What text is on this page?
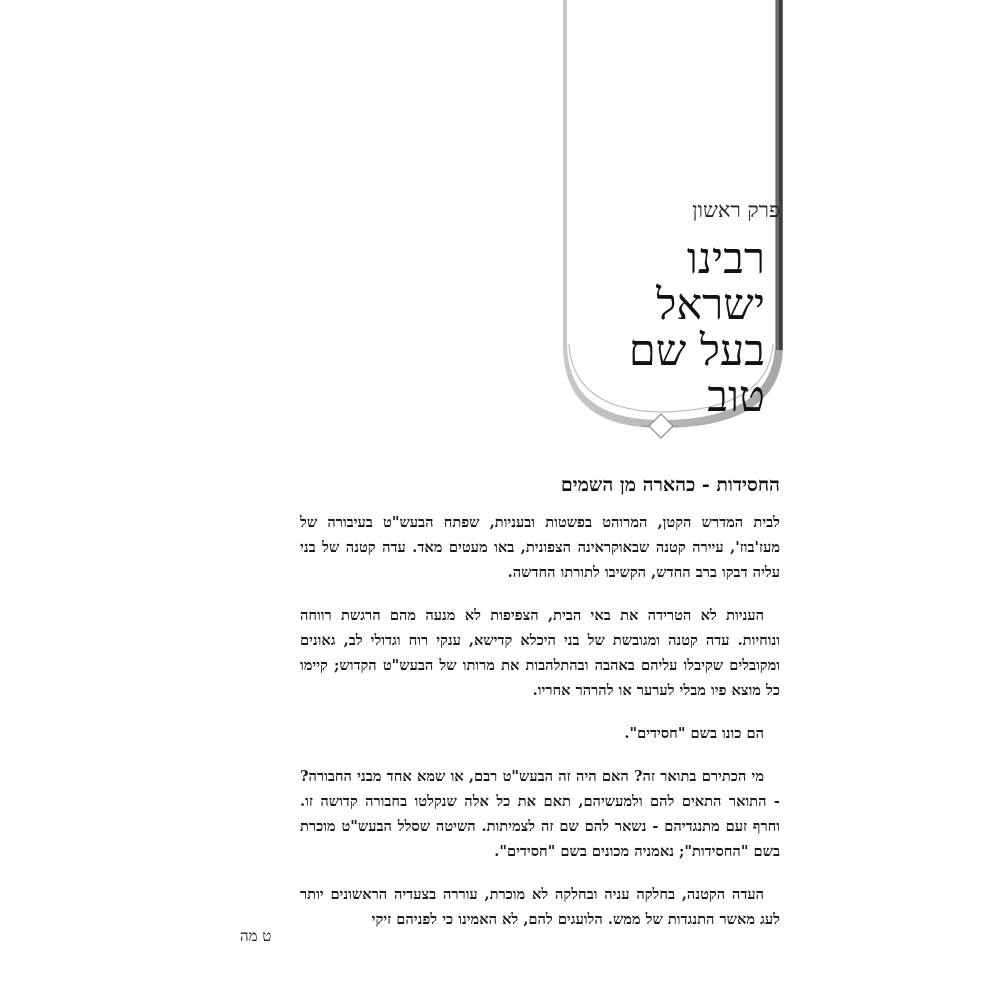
פרק ראשון
רבינו
ישראל
בעל שם טוב
החסידות - כהארה מן השמים

לבית המדרש הקטן, המרוהט בפשטות ובעניות, שפתח הבעש"ט בעיבורה של מעז'בוז', עיירה קטנה שבאוקראינה הצפונית, באו מעטים מאד. עדה קטנה של בני עליה דבקו ברב החדש, הקשיבו לתורתו החדשה.

העניות לא הטרידה את באי הבית, הצפיפות לא מנעה מהם הרגשת רווחה ונוחיות. עדה קטנה ומגובשת של בני היכלא קדישא, ענקי רוח וגדולי לב, גאונים ומקובלים שקיבלו עליהם באהבה ובהתלהבות את מרותו של הבעש"ט הקדוש; קיימו כל מוצא פיו מבלי לערער או להרהר אחריו.

הם כונו בשם "חסידים".

מי הכתירם בתואר זה? האם היה זה הבעש"ט רבם, או שמא אחד מבני החבורה? - התואר התאים להם ולמעשיהם, תאם את כל אלה שנקלטו בחבורה קדושה זו. וחרף זעם מתנגדיהם - נשאר להם שם זה לצמיתות. השיטה שסלל הבעש"ט מוכרת בשם "החסידות"; נאמניה מכונים בשם "חסידים".

העדה הקטנה, בחלקה עניה ובחלקה לא מוכרת, עוררה בצעדיה הראשונים יותר לעג מאשר התנגדות של ממש. הלועגים להם, לא האמינו כי לפניהם זיקי

ט מה
